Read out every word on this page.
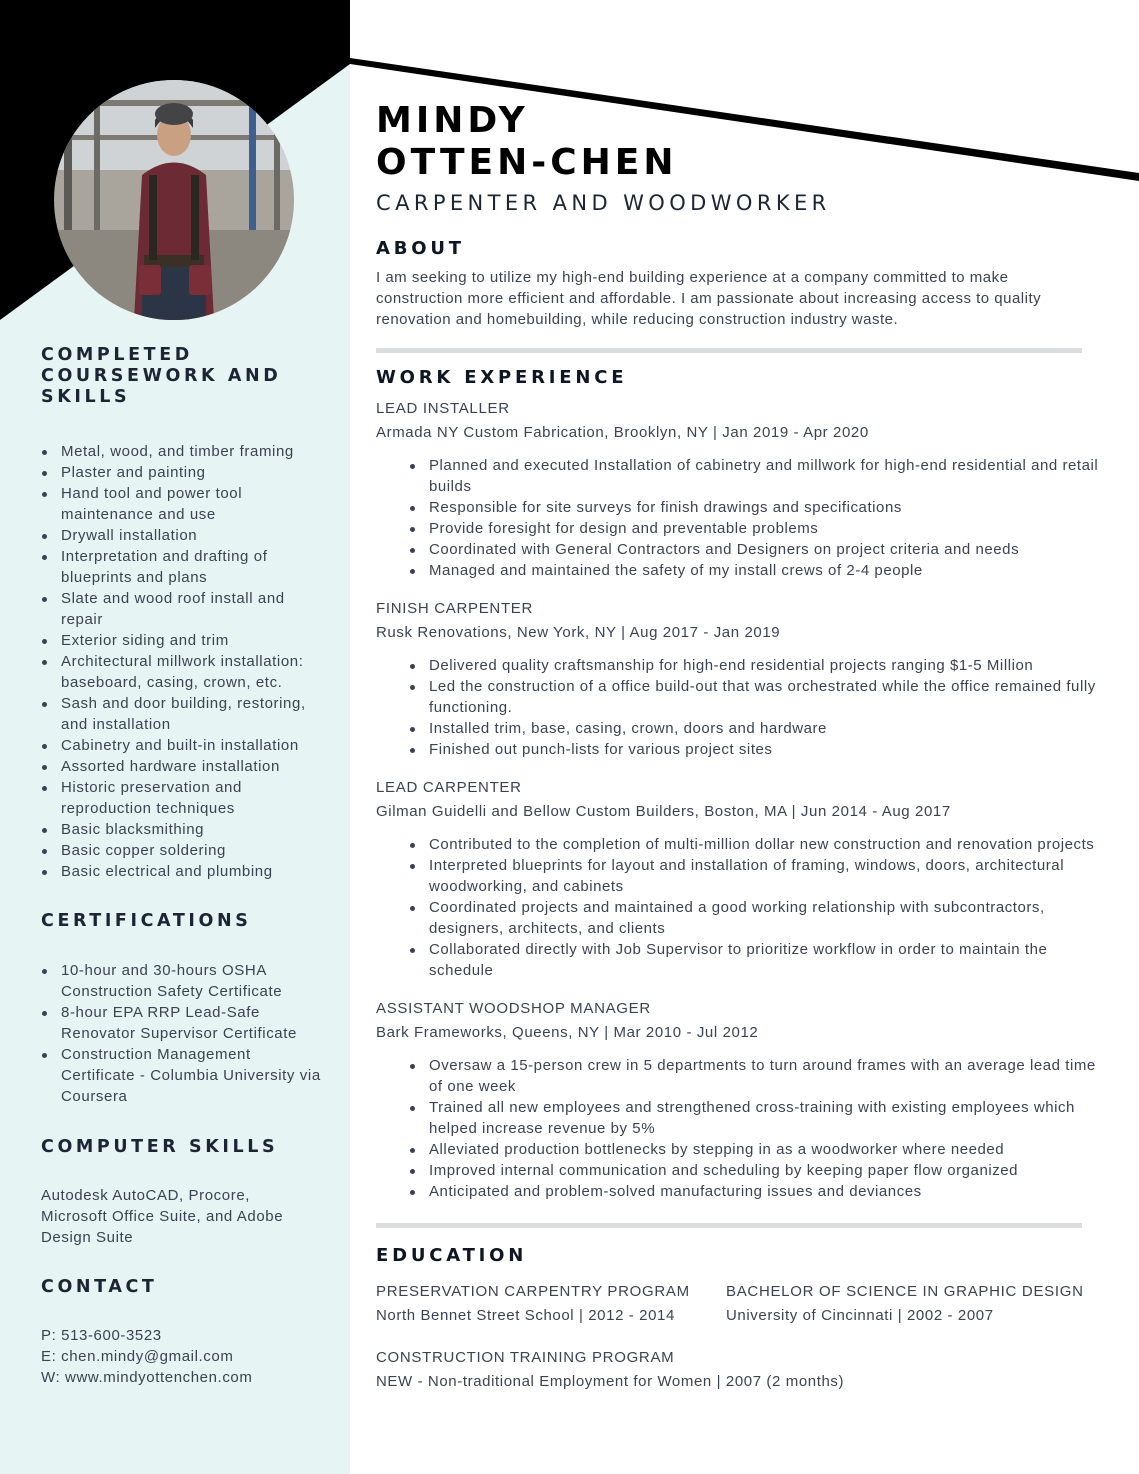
COMPLETED
COURSEWORK AND
SKILLS
Metal, wood, and timber framing
Plaster and painting
Hand tool and power tool maintenance and use
Drywall installation
Interpretation and drafting of blueprints and plans
Slate and wood roof install and repair
Exterior siding and trim
Architectural millwork installation: baseboard, casing, crown, etc.
Sash and door building, restoring, and installation
Cabinetry and built-in installation
Assorted hardware installation
Historic preservation and reproduction techniques
Basic blacksmithing
Basic copper soldering
Basic electrical and plumbing
CERTIFICATIONS
10-hour and 30-hours OSHA Construction Safety Certificate
8-hour EPA RRP Lead-Safe Renovator Supervisor Certificate
Construction Management Certificate - Columbia University via Coursera
COMPUTER SKILLS

Autodesk AutoCAD, Procore, Microsoft Office Suite, and Adobe Design Suite

CONTACT
P: 513-600-3523
E: chen.mindy@gmail.com
W: www.mindyottenchen.com
MINDY
OTTEN-CHEN
CARPENTER AND WOODWORKER
ABOUT

I am seeking to utilize my high-end building experience at a company committed to make construction more efficient and affordable. I am passionate about increasing access to quality renovation and homebuilding, while reducing construction industry waste.

WORK EXPERIENCE
LEAD INSTALLER
Armada NY Custom Fabrication, Brooklyn, NY | Jan 2019 - Apr 2020
Planned and executed Installation of cabinetry and millwork for high-end residential and retail builds
Responsible for site surveys for finish drawings and specifications
Provide foresight for design and preventable problems
Coordinated with General Contractors and Designers on project criteria and needs
Managed and maintained the safety of my install crews of 2-4 people
FINISH CARPENTER
Rusk Renovations, New York, NY | Aug 2017 - Jan 2019
Delivered quality craftsmanship for high-end residential projects ranging $1-5 Million
Led the construction of a office build-out that was orchestrated while the office remained fully functioning.
Installed trim, base, casing, crown, doors and hardware
Finished out punch-lists for various project sites
LEAD CARPENTER
Gilman Guidelli and Bellow Custom Builders, Boston, MA | Jun 2014 - Aug 2017
Contributed to the completion of multi-million dollar new construction and renovation projects
Interpreted blueprints for layout and installation of framing, windows, doors, architectural woodworking, and cabinets
Coordinated projects and maintained a good working relationship with subcontractors, designers, architects, and clients
Collaborated directly with Job Supervisor to prioritize workflow in order to maintain the schedule
ASSISTANT WOODSHOP MANAGER
Bark Frameworks, Queens, NY | Mar 2010 - Jul 2012
Oversaw a 15-person crew in 5 departments to turn around frames with an average lead time of one week
Trained all new employees and strengthened cross-training with existing employees which helped increase revenue by 5%
Alleviated production bottlenecks by stepping in as a woodworker where needed
Improved internal communication and scheduling by keeping paper flow organized
Anticipated and problem-solved manufacturing issues and deviances
EDUCATION
PRESERVATION CARPENTRY PROGRAM
North Bennet Street School | 2012 - 2014
BACHELOR OF SCIENCE IN GRAPHIC DESIGN
University of Cincinnati | 2002 - 2007
CONSTRUCTION TRAINING PROGRAM
NEW - Non-traditional Employment for Women | 2007 (2 months)
